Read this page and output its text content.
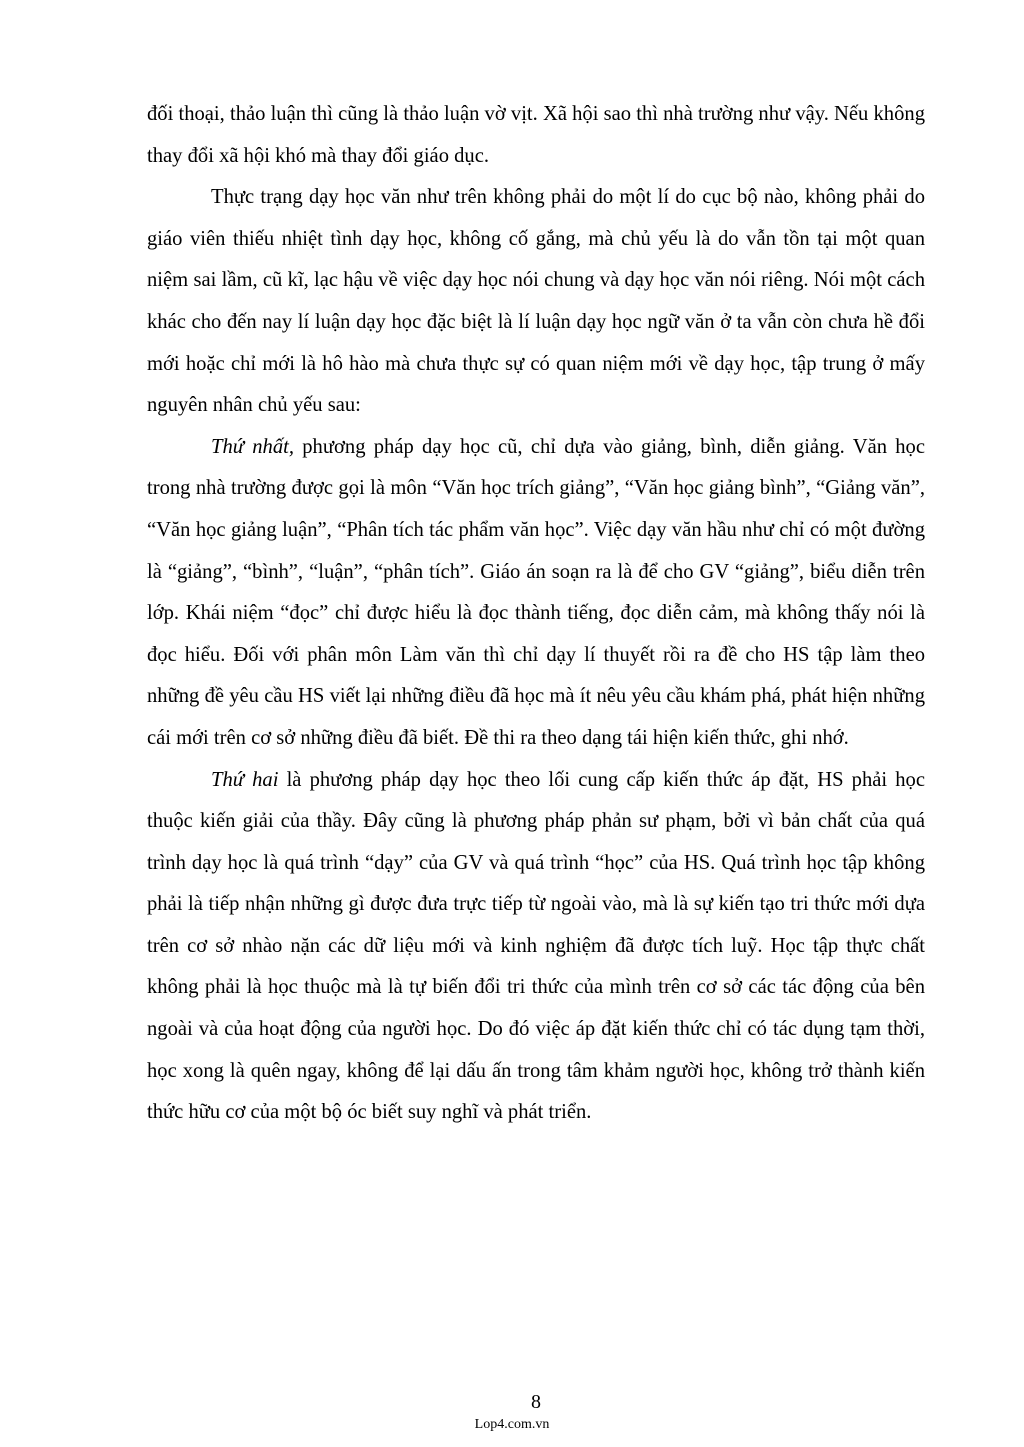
đối thoại, thảo luận thì cũng là thảo luận vờ vịt. Xã hội sao thì nhà trường như vậy. Nếu không thay đổi xã hội khó mà thay đổi giáo dục.

Thực trạng dạy học văn như trên không phải do một lí do cục bộ nào, không phải do giáo viên thiếu nhiệt tình dạy học, không cố gắng, mà chủ yếu là do vẫn tồn tại một quan niệm sai lầm, cũ kĩ, lạc hậu về việc dạy học nói chung và dạy học văn nói riêng. Nói một cách khác cho đến nay lí luận dạy học đặc biệt là lí luận dạy học ngữ văn ở ta vẫn còn chưa hề đổi mới hoặc chỉ mới là hô hào mà chưa thực sự có quan niệm mới về dạy học, tập trung ở mấy nguyên nhân chủ yếu sau:

Thứ nhất, phương pháp dạy học cũ, chỉ dựa vào giảng, bình, diễn giảng. Văn học trong nhà trường được gọi là môn “Văn học trích giảng”, “Văn học giảng bình”, “Giảng văn”, “Văn học giảng luận”, “Phân tích tác phẩm văn học”. Việc dạy văn hầu như chỉ có một đường là “giảng”, “bình”, “luận”, “phân tích”. Giáo án soạn ra là để cho GV “giảng”, biểu diễn trên lớp. Khái niệm “đọc” chỉ được hiểu là đọc thành tiếng, đọc diễn cảm, mà không thấy nói là đọc hiểu. Đối với phân môn Làm văn thì chỉ dạy lí thuyết rồi ra đề cho HS tập làm theo những đề yêu cầu HS viết lại những điều đã học mà ít nêu yêu cầu khám phá, phát hiện những cái mới trên cơ sở những điều đã biết. Đề thi ra theo dạng tái hiện kiến thức, ghi nhớ.

Thứ hai là phương pháp dạy học theo lối cung cấp kiến thức áp đặt, HS phải học thuộc kiến giải của thầy. Đây cũng là phương pháp phản sư phạm, bởi vì bản chất của quá trình dạy học là quá trình “dạy” của GV và quá trình “học” của HS. Quá trình học tập không phải là tiếp nhận những gì được đưa trực tiếp từ ngoài vào, mà là sự kiến tạo tri thức mới dựa trên cơ sở nhào nặn các dữ liệu mới và kinh nghiệm đã được tích luỹ. Học tập thực chất không phải là học thuộc mà là tự biến đổi tri thức của mình trên cơ sở các tác động của bên ngoài và của hoạt động của người học. Do đó việc áp đặt kiến thức chỉ có tác dụng tạm thời, học xong là quên ngay, không để lại dấu ấn trong tâm khảm người học, không trở thành kiến thức hữu cơ của một bộ óc biết suy nghĩ và phát triển.

8
Lop4.com.vn
